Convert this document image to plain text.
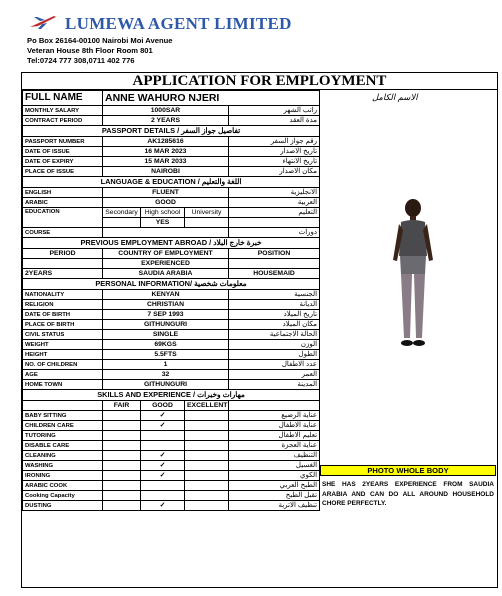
LUMEWA AGENT LIMITED
Po Box 26164-00100 Nairobi Moi Avenue
Veteran House 8th Floor Room 801
Tel:0724 777 308,0711 402 776
APPLICATION FOR EMPLOYMENT
الاسم الكامل
FULL NAME	ANNE WAHURO NJERI			
MONTHLY SALARY	1000SAR			راتب الشهر
CONTRACT PERIOD	2 YEARS			مدة العقد
PASSPORT DETAILS / تفاصيل جواز السفر				
PASSPORT NUMBER	AK1285616			رقم جواز السفر
DATE OF ISSUE	16 MAR 2023			تاريخ الاصدار
DATE OF EXPIRY	15 MAR 2033			تاريخ الانتهاء
PLACE OF ISSUE	NAIROBI			مكان الاصدار
LANGUAGE & EDUCATION / اللغة والتعليم				
ENGLISH	FLUENT			الانجليزية
ARABIC	GOOD			العربية
EDUCATION	Secondary	High school	University	التعليم
		YES		
COURSE				دورات
PREVIOUS EMPLOYMENT ABROAD / خبرة خارج البلاد				
PERIOD	COUNTRY OF EMPLOYMENT			POSITION
	EXPERIENCED			
2YEARS	SAUDIA ARABIA			HOUSEMAID
PERSONAL INFORMATION/ معلومات شخصية				
NATIONALITY	KENYAN			الجنسية
RELIGION	CHRISTIAN			الديانة
DATE OF BIRTH	7 SEP 1993			تاريخ الميلاد
PLACE OF BIRTH	GITHUNGURI			مكان الميلاد
CIVIL STATUS	SINGLE			الحالة الاجتماعية
WEIGHT	69KGS			الوزن
HEIGHT	5.5FTS			الطول
NO. OF CHILDREN	1			عدد الاطفال
AGE	32			العمر
HOME TOWN	GITHUNGURI			المدينة
SKILLS AND EXPERIENCE / مهارات وخبرات				
	FAIR	GOOD	EXCELLENT	
BABY SITTING		✓		عناية الرضيع
CHILDREN CARE		✓		عناية الاطفال
TUTORING				تعليم الاطفال
DISABLE CARE				عناية العجزة
CLEANING		✓		التنظيف
WASHING		✓		الغسيل
IRONING		✓		الكوي
ARABIC COOK				الطبخ العربي
Cooking Capacity				تقبل الطبخ
DUSTING		✓		تنظيف الاتربة
PHOTO WHOLE BODY
SHE HAS 2YEARS EXPERIENCE FROM SAUDIA ARABIA AND CAN DO ALL AROUND HOUSEHOLD CHORE PERFECTLY.
